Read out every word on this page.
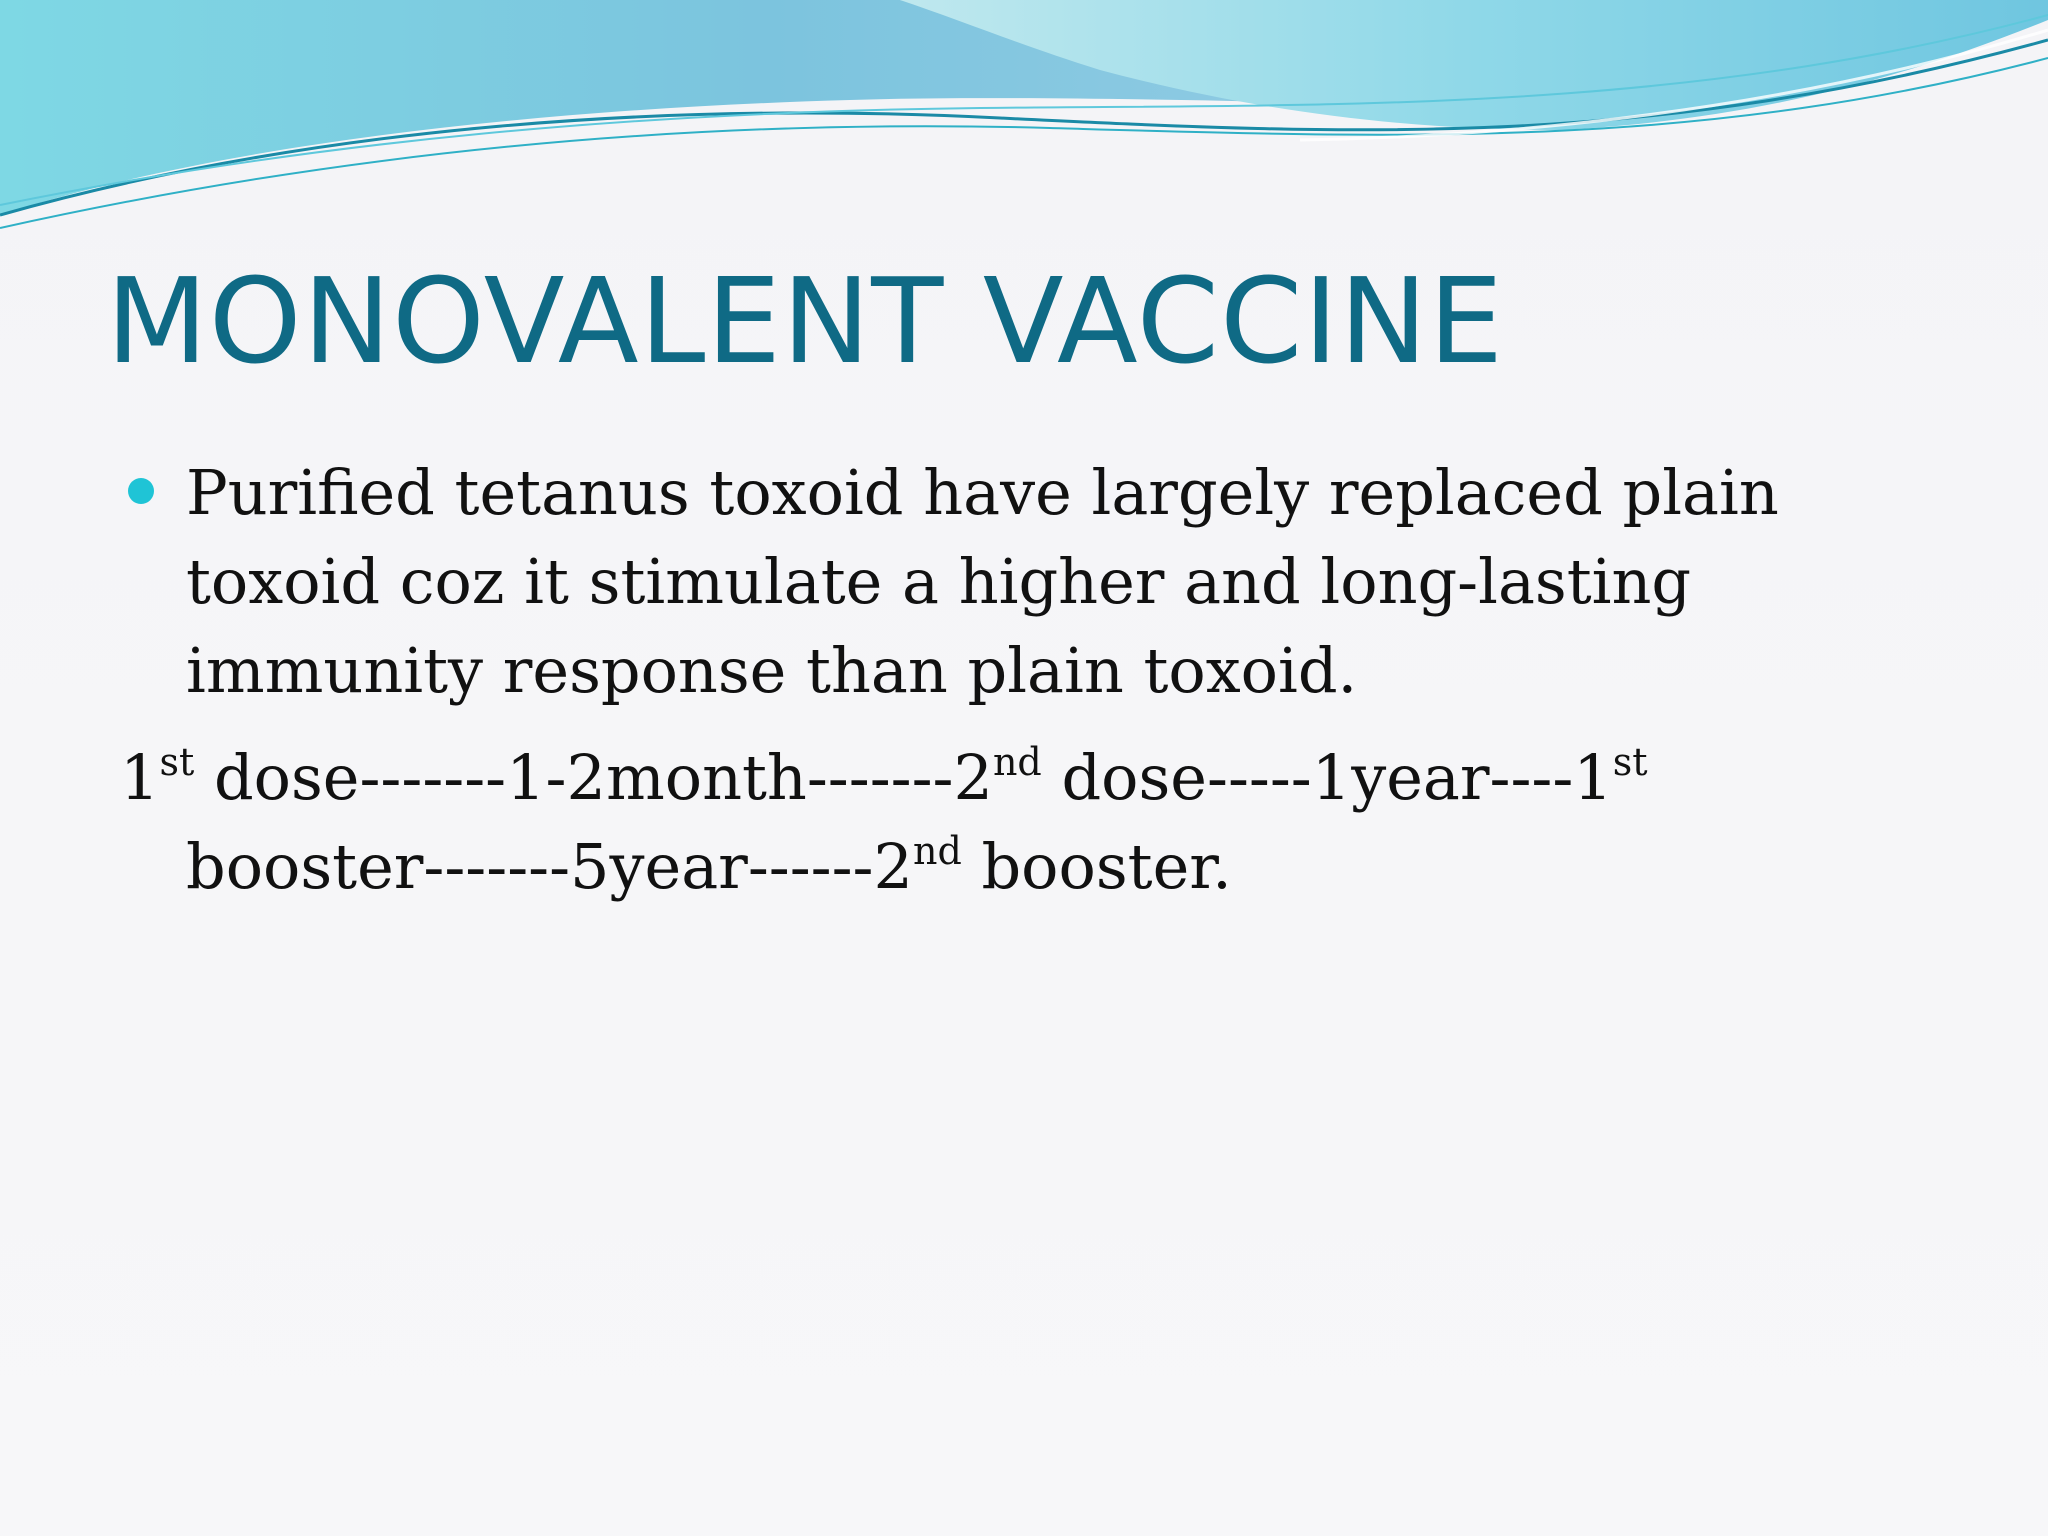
MONOVALENT VACCINE

Purified tetanus toxoid have largely replaced plain toxoid coz it stimulate a higher and long-lasting immunity response than plain toxoid.

1st dose-------1-2month-------2nd dose-----1year----1st booster-------5year------2nd booster.
